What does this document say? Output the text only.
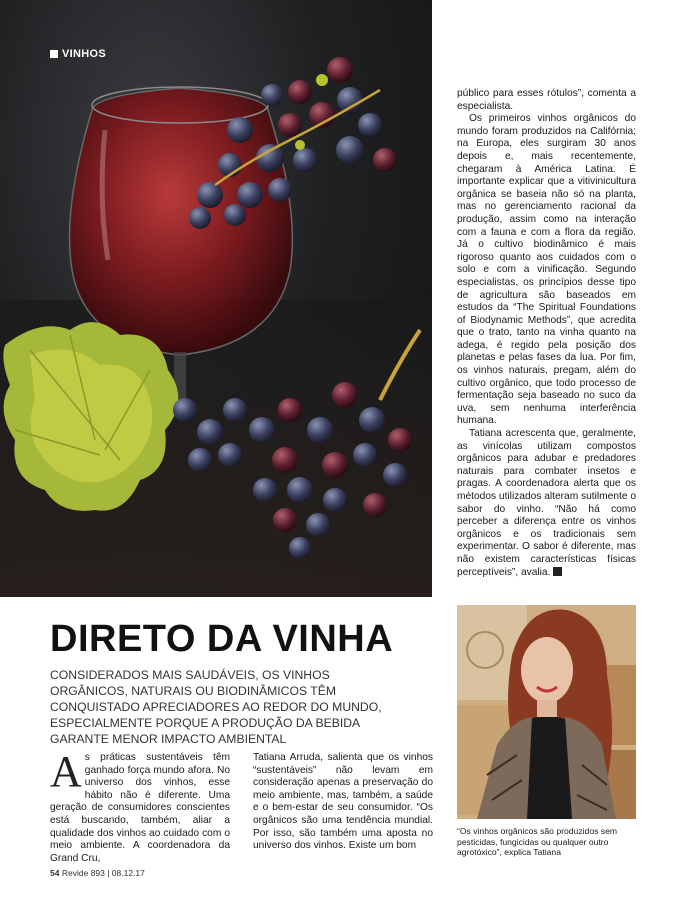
VINHOS

público para esses rótulos”, comenta a especialista.

Os primeiros vinhos orgânicos do mundo foram produzidos na Califórnia; na Europa, eles surgiram 30 anos depois e, mais recentemente, chegaram à América Latina. É importante explicar que a vitivinicultura orgânica se baseia não só na planta, mas no gerenciamento racional da produção, assim como na interação com a fauna e com a flora da região. Já o cultivo biodinâmico é mais rigoroso quanto aos cuidados com o solo e com a vinificação. Segundo especialistas, os princípios desse tipo de agricultura são baseados em estudos da “The Spiritual Foundations of Biodynamic Methods”, que acredita que o trato, tanto na vinha quanto na adega, é regido pela posição dos planetas e pelas fases da lua. Por fim, os vinhos naturais, pregam, além do cultivo orgânico, que todo processo de fermentação seja baseado no suco da uva, sem nenhuma interferência humana.

Tatiana acrescenta que, geralmente, as vinícolas utilizam compostos orgânicos para adubar e predadores naturais para combater insetos e pragas. A coordenadora alerta que os métodos utilizados alteram sutilmente o sabor do vinho. “Não há como perceber a diferença entre os vinhos orgânicos e os tradicionais sem experimentar. O sabor é diferente, mas não existem características físicas perceptíveis”, avalia. r

DIRETO DA VINHA
CONSIDERADOS MAIS SAUDÁVEIS, OS VINHOS ORGÂNICOS, NATURAIS OU BIODINÂMICOS TÊM CONQUISTADO APRECIADORES AO REDOR DO MUNDO, ESPECIALMENTE PORQUE A PRODUÇÃO DA BEBIDA GARANTE MENOR IMPACTO AMBIENTAL
A s práticas sustentáveis têm ganhado força mundo afora. No universo dos vinhos, esse hábito não é diferente. Uma geração de consumidores conscientes está buscando, também, aliar a qualidade dos vinhos ao cuidado com o meio ambiente. A coordenadora da Grand Cru,
Tatiana Arruda, salienta que os vinhos “sustentáveis” não levam em consideração apenas a preservação do meio ambiente, mas, também, a saúde e o bem-estar de seu consumidor. “Os orgânicos são uma tendência mundial. Por isso, são também uma aposta no universo dos vinhos. Existe um bom
“Os vinhos orgânicos são produzidos sem pesticidas, fungicidas ou qualquer outro agrotóxico”, explica Tatiana
54 Revide 893 | 08.12.17
